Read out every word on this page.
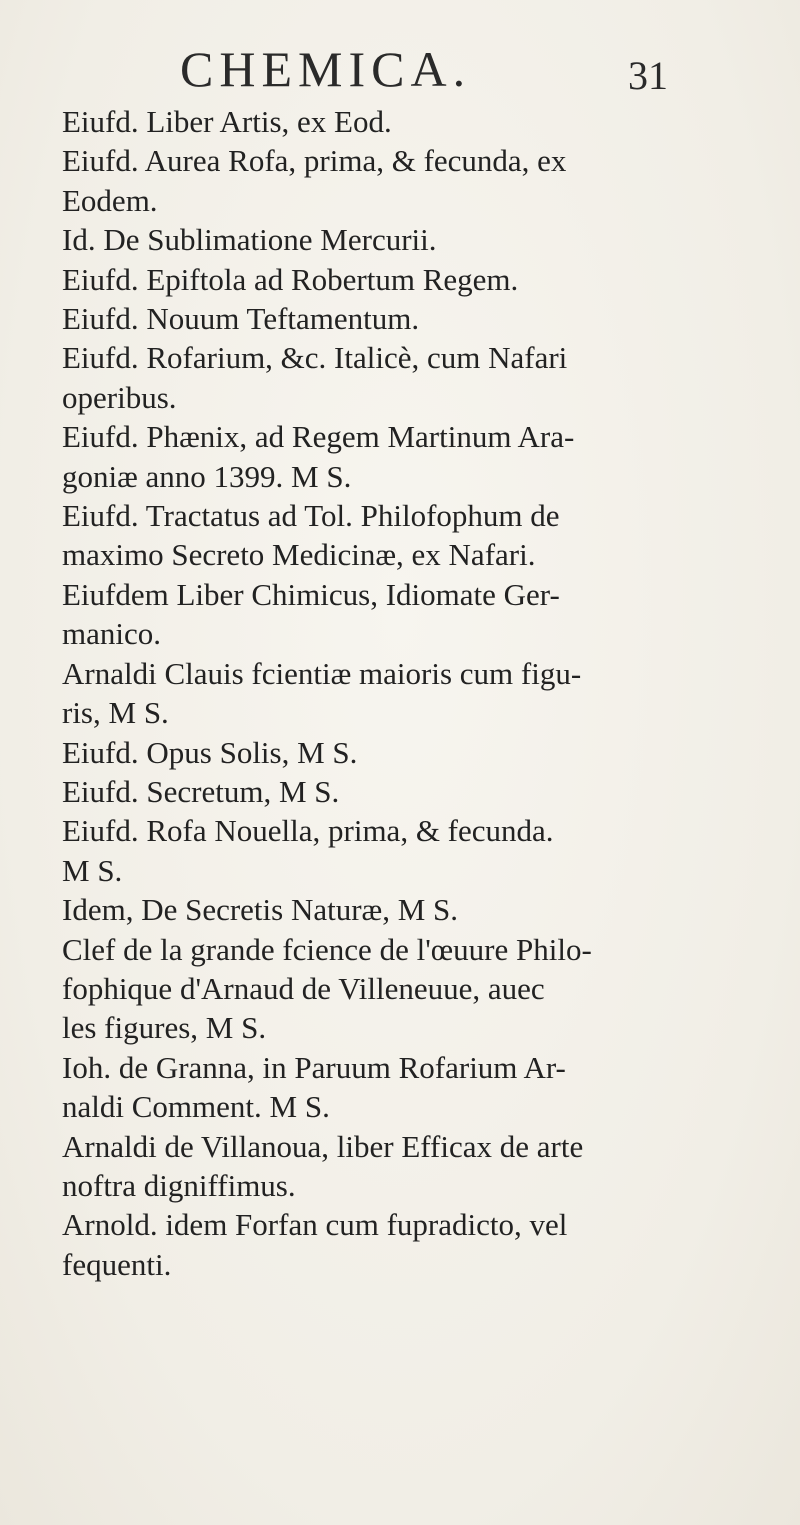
CHEMICA.	31
Eiufd. Liber Artis, ex Eod.
Eiufd. Aurea Rofa, prima, & fecunda, ex
Eodem.
Id. De Sublimatione Mercurii.
Eiufd. Epiftola ad Robertum Regem.
Eiufd. Nouum Teftamentum.
Eiufd. Rofarium, &c. Italicè, cum Nafari
operibus.
Eiufd. Phænix, ad Regem Martinum Ara-
goniæ anno 1399. M S.
Eiufd. Tractatus ad Tol. Philofophum de
maximo Secreto Medicinæ, ex Nafari.
Eiufdem Liber Chimicus, Idiomate Ger-
manico.
Arnaldi Clauis fcientiæ maioris cum figu-
ris, M S.
Eiufd. Opus Solis, M S.
Eiufd. Secretum, M S.
Eiufd. Rofa Nouella, prima, & fecunda.
M S.
Idem, De Secretis Naturæ, M S.
Clef de la grande fcience de l'œuure Philo-
fophique d'Arnaud de Villeneuue, auec
les figures, M S.
Ioh. de Granna, in Paruum Rofarium Ar-
naldi Comment. M S.
Arnaldi de Villanoua, liber Efficax de arte
noftra digniffimus.
Arnold. idem Forfan cum fupradicto, vel
fequenti.
